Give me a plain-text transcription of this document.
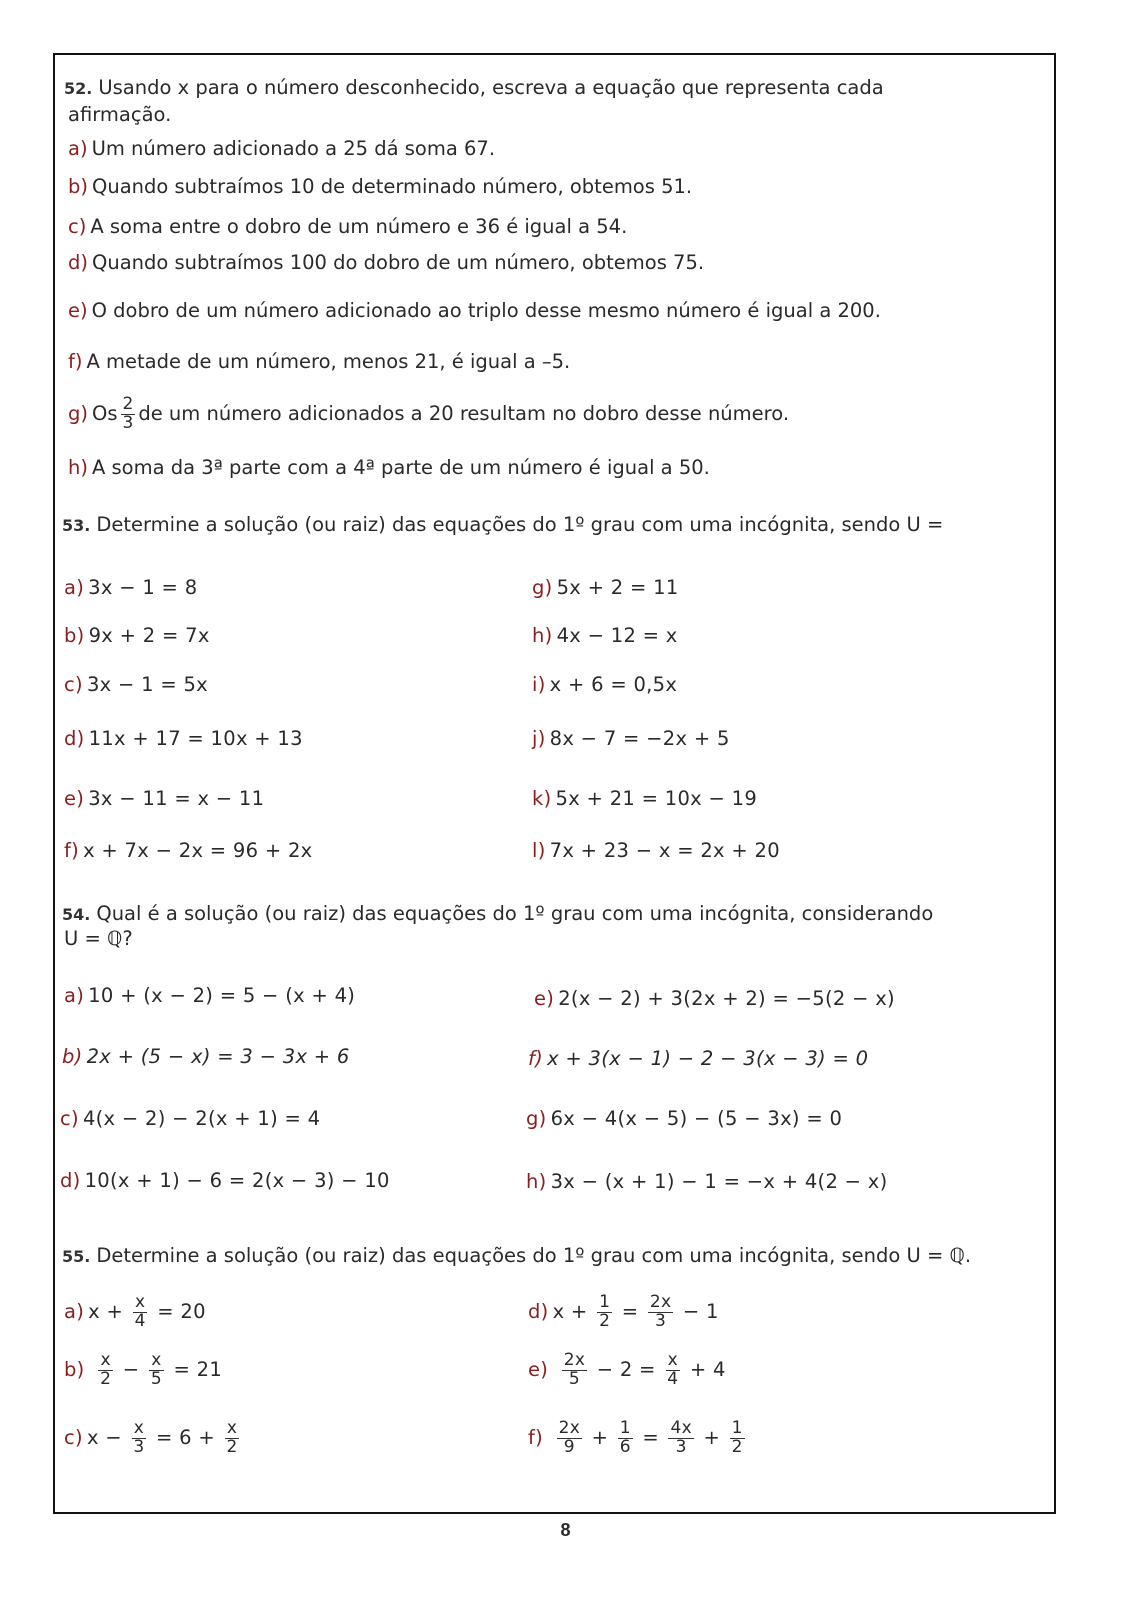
52. Usando x para o número desconhecido, escreva a equação que representa cada
afirmação.
a) Um número adicionado a 25 dá soma 67.
b) Quando subtraímos 10 de determinado número, obtemos 51.
c) A soma entre o dobro de um número e 36 é igual a 54.
d) Quando subtraímos 100 do dobro de um número, obtemos 75.
e) O dobro de um número adicionado ao triplo desse mesmo número é igual a 200.
f) A metade de um número, menos 21, é igual a –5.
g) Os $\frac{2}{3}$ de um número adicionados a 20 resultam no dobro desse número.
h) A soma da 3ª parte com a 4ª parte de um número é igual a 50.
53. Determine a solução (ou raiz) das equações do 1º grau com uma incógnita, sendo U =
a) 3x − 1 = 8
b) 9x + 2 = 7x
c) 3x − 1 = 5x
d) 11x + 17 = 10x + 13
e) 3x − 11 = x − 11
f) x + 7x − 2x = 96 + 2x
g) 5x + 2 = 11
h) 4x − 12 = x
i) x + 6 = 0,5x
j) 8x − 7 = −2x + 5
k) 5x + 21 = 10x − 19
l) 7x + 23 − x = 2x + 20
54. Qual é a solução (ou raiz) das equações do 1º grau com uma incógnita, considerando
U = ℚ?
a) 10 + (x − 2) = 5 − (x + 4)
b) 2x + (5 − x) = 3 − 3x + 6
c) 4(x − 2) − 2(x + 1) = 4
d) 10(x + 1) − 6 = 2(x − 3) − 10
e) 2(x − 2) + 3(2x + 2) = −5(2 − x)
f) x + 3(x − 1) − 2 − 3(x − 3) = 0
g) 6x − 4(x − 5) − (5 − 3x) = 0
h) 3x − (x + 1) − 1 = −x + 4(2 − x)
55. Determine a solução (ou raiz) das equações do 1º grau com uma incógnita, sendo U = ℚ.
a) $x + \frac{x}{4} = 20$
$b) \frac{x}{2} - \frac{x}{5} = 21$
c) $x - \frac{x}{3} = 6 + \frac{x}{2}$
d) $x + \frac{1}{2} = \frac{2x}{3} - 1$
$e) \frac{2x}{5} - 2 = \frac{x}{4} + 4$
$f) \frac{2x}{9} + \frac{1}{6} = \frac{4x}{3} + \frac{1}{2}$
8
